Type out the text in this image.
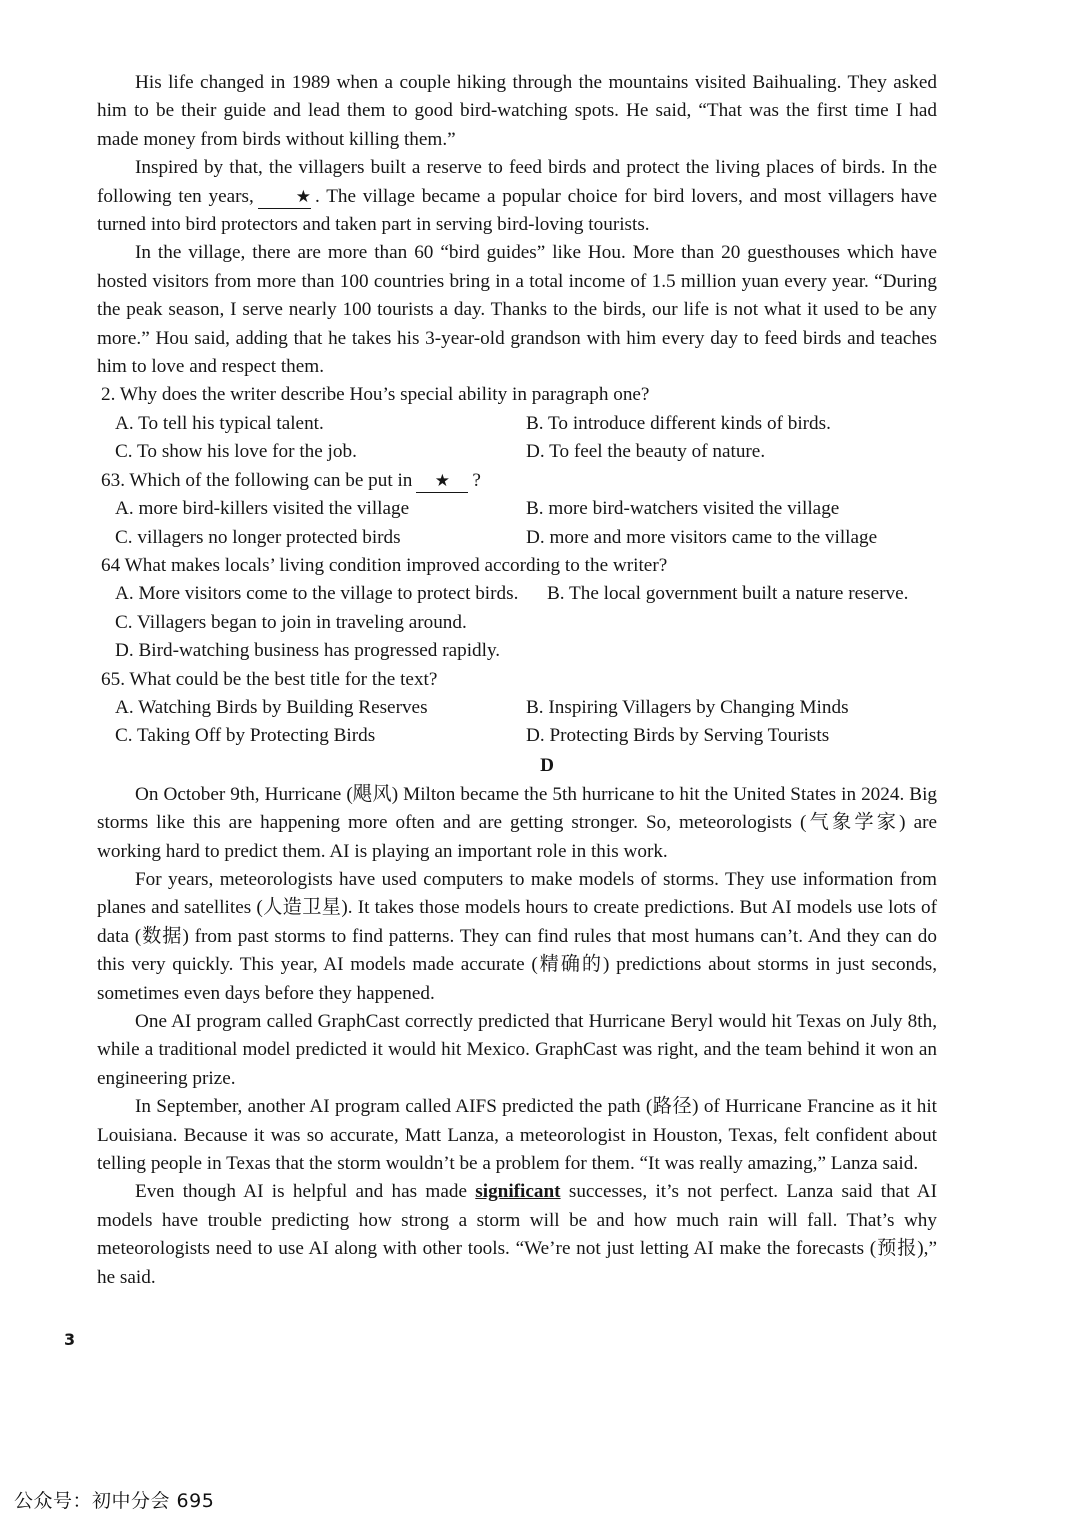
His life changed in 1989 when a couple hiking through the mountains visited Baihualing. They asked him to be their guide and lead them to good bird-watching spots. He said, “That was the first time I had made money from birds without killing them.”

Inspired by that, the villagers built a reserve to feed birds and protect the living places of birds. In the following ten years, ★ . The village became a popular choice for bird lovers, and most villagers have turned into bird protectors and taken part in serving bird-loving tourists.

In the village, there are more than 60 “bird guides” like Hou. More than 20 guesthouses which have hosted visitors from more than 100 countries bring in a total income of 1.5 million yuan every year. “During the peak season, I serve nearly 100 tourists a day. Thanks to the birds, our life is not what it used to be any more.” Hou said, adding that he takes his 3-year-old grandson with him every day to feed birds and teaches him to love and respect them.

2. Why does the writer describe Hou’s special ability in paragraph one?

A. To tell his typical talent.	B. To introduce different kinds of birds.
C. To show his love for the job.	D. To feel the beauty of nature.

63. Which of the following can be put in ★ ?

A. more bird-killers visited the village	B. more bird-watchers visited the village
C. villagers no longer protected birds	D. more and more visitors came to the village

64 What makes locals’ living condition improved according to the writer?

A. More visitors come to the village to protect birds.	B. The local government built a nature reserve.
C. Villagers began to join in traveling around.
D. Bird-watching business has progressed rapidly.

65. What could be the best title for the text?

A. Watching Birds by Building Reserves	B. Inspiring Villagers by Changing Minds
C. Taking Off by Protecting Birds	D. Protecting Birds by Serving Tourists

D

On October 9th, Hurricane (飓风) Milton became the 5th hurricane to hit the United States in 2024. Big storms like this are happening more often and are getting stronger. So, meteorologists (气象学家) are working hard to predict them. AI is playing an important role in this work.

For years, meteorologists have used computers to make models of storms. They use information from planes and satellites (人造卫星). It takes those models hours to create predictions. But AI models use lots of data (数据) from past storms to find patterns. They can find rules that most humans can’t. And they can do this very quickly. This year, AI models made accurate (精确的) predictions about storms in just seconds, sometimes even days before they happened.

One AI program called GraphCast correctly predicted that Hurricane Beryl would hit Texas on July 8th, while a traditional model predicted it would hit Mexico. GraphCast was right, and the team behind it won an engineering prize.

In September, another AI program called AIFS predicted the path (路径) of Hurricane Francine as it hit Louisiana. Because it was so accurate, Matt Lanza, a meteorologist in Houston, Texas, felt confident about telling people in Texas that the storm wouldn’t be a problem for them. “It was really amazing,” Lanza said.

Even though AI is helpful and has made significant successes, it’s not perfect. Lanza said that AI models have trouble predicting how strong a storm will be and how much rain will fall. That’s why meteorologists need to use AI along with other tools. “We’re not just letting AI make the forecasts (预报),” he said.

3
公众号：初中分会 695
